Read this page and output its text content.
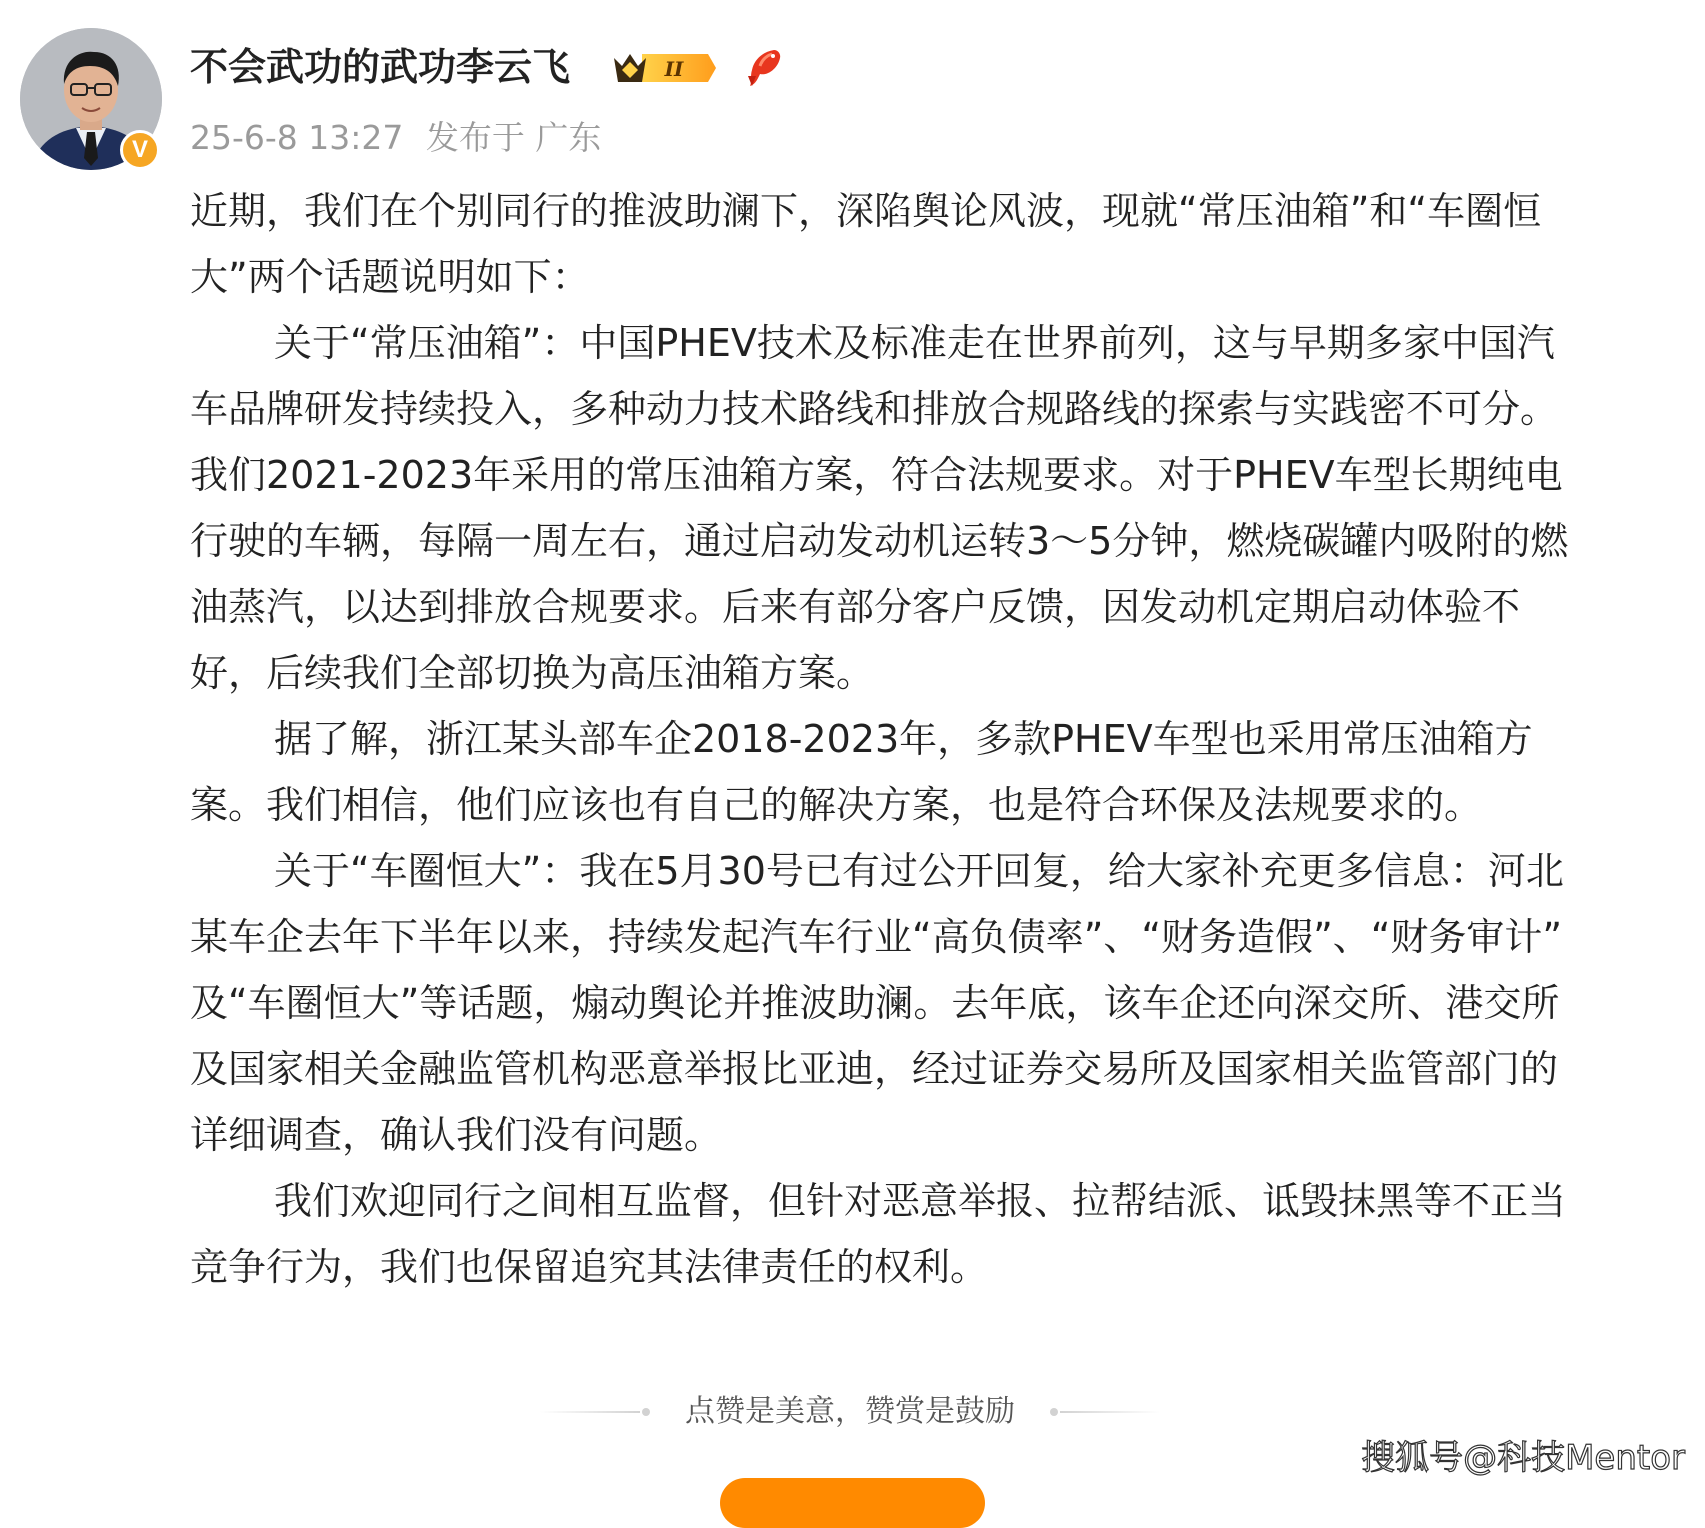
V
不会武功的武功李云飞	II
25-6-8 13:27 发布于 广东

近期，我们在个别同行的推波助澜下，深陷舆论风波，现就“常压油箱”和“车圈恒
大”两个话题说明如下：

关于“常压油箱”：中国PHEV技术及标准走在世界前列，这与早期多家中国汽
车品牌研发持续投入，多种动力技术路线和排放合规路线的探索与实践密不可分。
我们2021-2023年采用的常压油箱方案，符合法规要求。对于PHEV车型长期纯电
行驶的车辆，每隔一周左右，通过启动发动机运转3～5分钟，燃烧碳罐内吸附的燃
油蒸汽，以达到排放合规要求。后来有部分客户反馈，因发动机定期启动体验不
好，后续我们全部切换为高压油箱方案。

据了解，浙江某头部车企2018-2023年，多款PHEV车型也采用常压油箱方
案。我们相信，他们应该也有自己的解决方案，也是符合环保及法规要求的。

关于“车圈恒大”：我在5月30号已有过公开回复，给大家补充更多信息：河北
某车企去年下半年以来，持续发起汽车行业“高负债率”、“财务造假”、“财务审计”
及“车圈恒大”等话题，煽动舆论并推波助澜。去年底，该车企还向深交所、港交所
及国家相关金融监管机构恶意举报比亚迪，经过证券交易所及国家相关监管部门的
详细调查，确认我们没有问题。

我们欢迎同行之间相互监督，但针对恶意举报、拉帮结派、诋毁抹黑等不正当
竞争行为，我们也保留追究其法律责任的权利。

点赞是美意，赞赏是鼓励
搜狐号@科技Mentor
